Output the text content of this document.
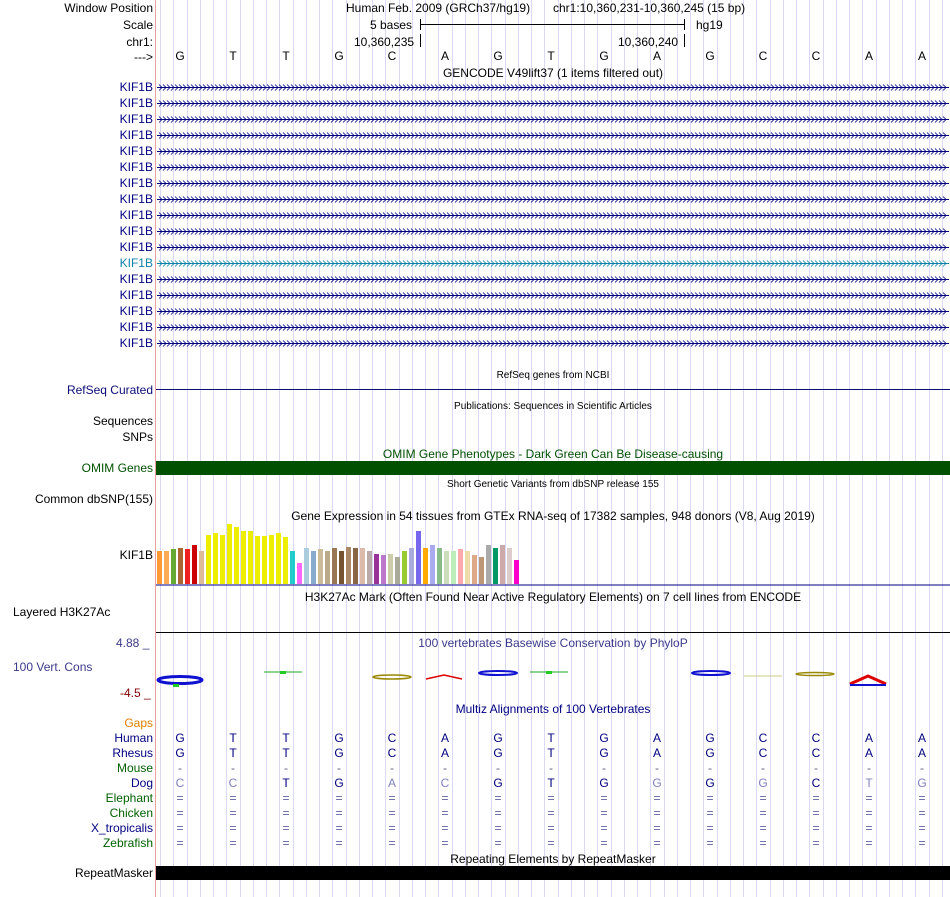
Window Position
Scale
chr1:
--->
Human Feb. 2009 (GRCh37/hg19) chr1:10,360,231-10,360,245 (15 bp)
5 bases	hg19
10,360,235	10,360,240
G	T	T	G	C	A	G	T	G	A	G	C	C	A	A
GENCODE V49lift37 (1 items filtered out)
KIF1B
KIF1B
KIF1B
KIF1B
KIF1B
KIF1B
KIF1B
KIF1B
KIF1B
KIF1B
KIF1B
KIF1B
KIF1B
KIF1B
KIF1B
KIF1B
KIF1B
RefSeq genes from NCBI
RefSeq Curated
Publications: Sequences in Scientific Articles
Sequences
SNPs
OMIM Gene Phenotypes - Dark Green Can Be Disease-causing
OMIM Genes
Short Genetic Variants from dbSNP release 155
Common dbSNP(155)
Gene Expression in 54 tissues from GTEx RNA-seq of 17382 samples, 948 donors (V8, Aug 2019)
KIF1B
H3K27Ac Mark (Often Found Near Active Regulatory Elements) on 7 cell lines from ENCODE
Layered H3K27Ac
100 vertebrates Basewise Conservation by PhyloP
4.88 _
100 Vert. Cons
-4.5 _
Multiz Alignments of 100 Vertebrates
Gaps
Human	G	T	T	G	C	A	G	T	G	A	G	C	C	A	A
Rhesus	G	T	T	G	C	A	G	T	G	A	G	C	C	A	A
Mouse	-	-	-	-	-	-	-	-	-	-	-	-	-	-	-
Dog	C	C	T	G	A	C	G	T	G	G	G	G	C	T	G
Elephant	=	=	=	=	=	=	=	=	=	=	=	=	=	=	=
Chicken	=	=	=	=	=	=	=	=	=	=	=	=	=	=	=
X_tropicalis	=	=	=	=	=	=	=	=	=	=	=	=	=	=	=
Zebrafish	=	=	=	=	=	=	=	=	=	=	=	=	=	=	=
Repeating Elements by RepeatMasker
RepeatMasker
